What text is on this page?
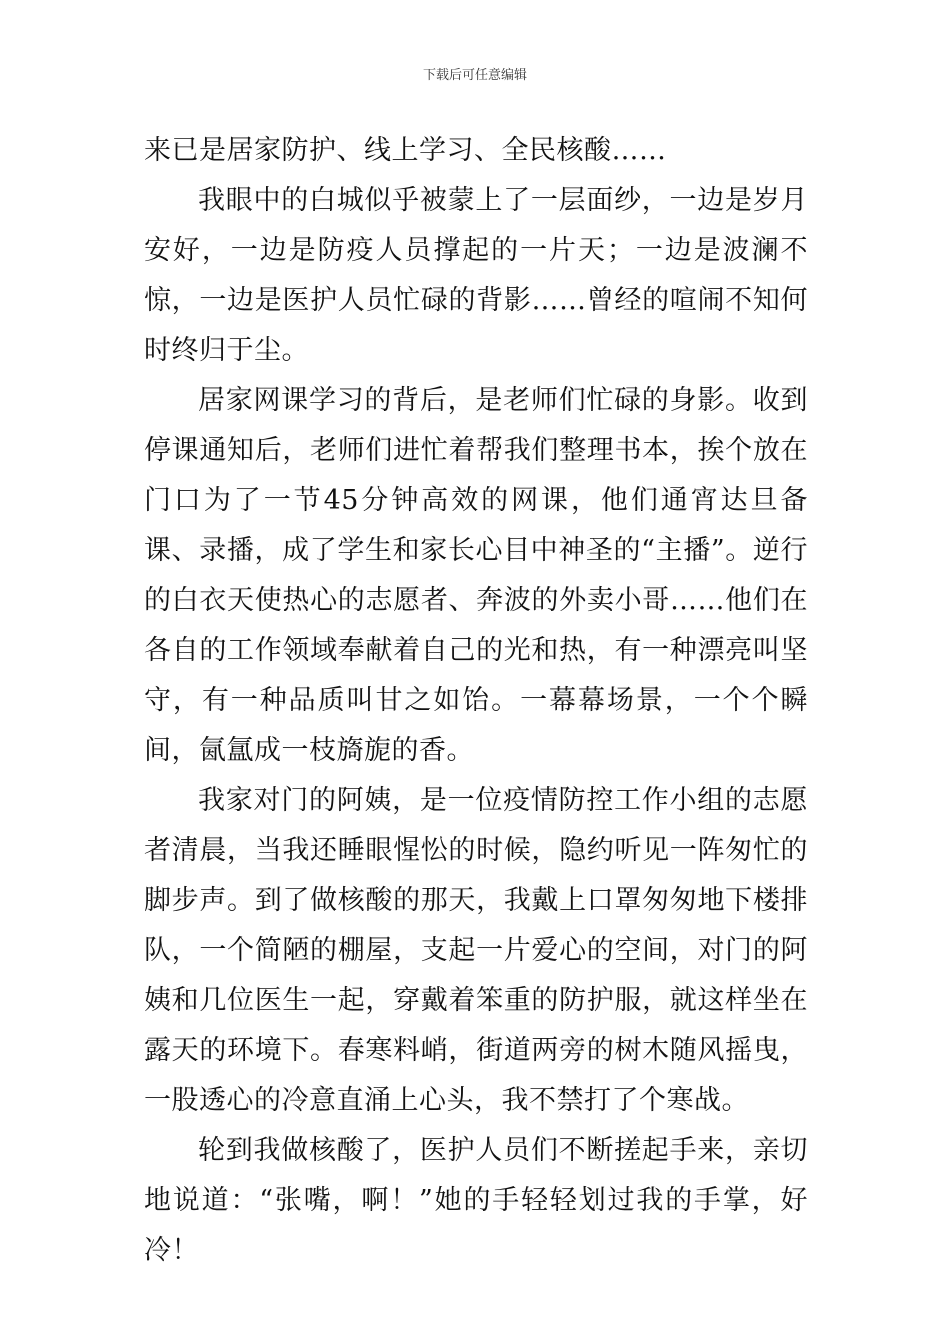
下载后可任意编辑

来已是居家防护、线上学习、全民核酸……

我眼中的白城似乎被蒙上了一层面纱，一边是岁月安好，一边是防疫人员撑起的一片天；一边是波澜不惊，一边是医护人员忙碌的背影……曾经的喧闹不知何时终归于尘。

居家网课学习的背后，是老师们忙碌的身影。收到停课通知后，老师们进忙着帮我们整理书本，挨个放在门口为了一节45分钟高效的网课，他们通宵达旦备课、录播，成了学生和家长心目中神圣的“主播”。逆行的白衣天使热心的志愿者、奔波的外卖小哥……他们在各自的工作领域奉献着自己的光和热，有一种漂亮叫坚守，有一种品质叫甘之如饴。一幕幕场景，一个个瞬间，氤氲成一枝旖旎的香。

我家对门的阿姨，是一位疫情防控工作小组的志愿者清晨，当我还睡眼惺忪的时候，隐约听见一阵匆忙的脚步声。到了做核酸的那天，我戴上口罩匆匆地下楼排队，一个简陋的棚屋，支起一片爱心的空间，对门的阿姨和几位医生一起，穿戴着笨重的防护服，就这样坐在露天的环境下。春寒料峭，街道两旁的树木随风摇曳，一股透心的冷意直涌上心头，我不禁打了个寒战。

轮到我做核酸了，医护人员们不断搓起手来，亲切地说道：“张嘴，啊！”她的手轻轻划过我的手掌，好冷！
